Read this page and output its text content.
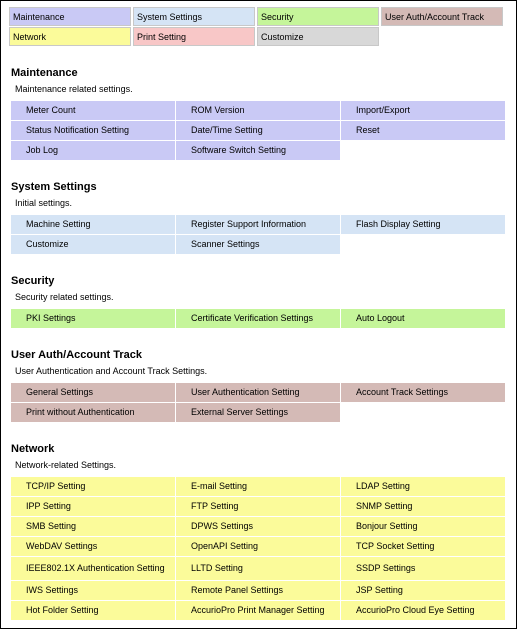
Maintenance	System Settings	Security	User Auth/Account Track
Network	Print Setting	Customize
Maintenance

Maintenance related settings.

Meter Count	ROM Version	Import/Export
Status Notification Setting	Date/Time Setting	Reset
Job Log	Software Switch Setting
System Settings

Initial settings.

Machine Setting	Register Support Information	Flash Display Setting
Customize	Scanner Settings
Security

Security related settings.

PKI Settings	Certificate Verification Settings	Auto Logout
User Auth/Account Track

User Authentication and Account Track Settings.

General Settings	User Authentication Setting	Account Track Settings
Print without Authentication	External Server Settings
Network

Network-related Settings.

TCP/IP Setting	E-mail Setting	LDAP Setting
IPP Setting	FTP Setting	SNMP Setting
SMB Setting	DPWS Settings	Bonjour Setting
WebDAV Settings	OpenAPI Setting	TCP Socket Setting
IEEE802.1X Authentication Setting	LLTD Setting	SSDP Settings
IWS Settings	Remote Panel Settings	JSP Setting
Hot Folder Setting	AccurioPro Print Manager Setting	AccurioPro Cloud Eye Setting
